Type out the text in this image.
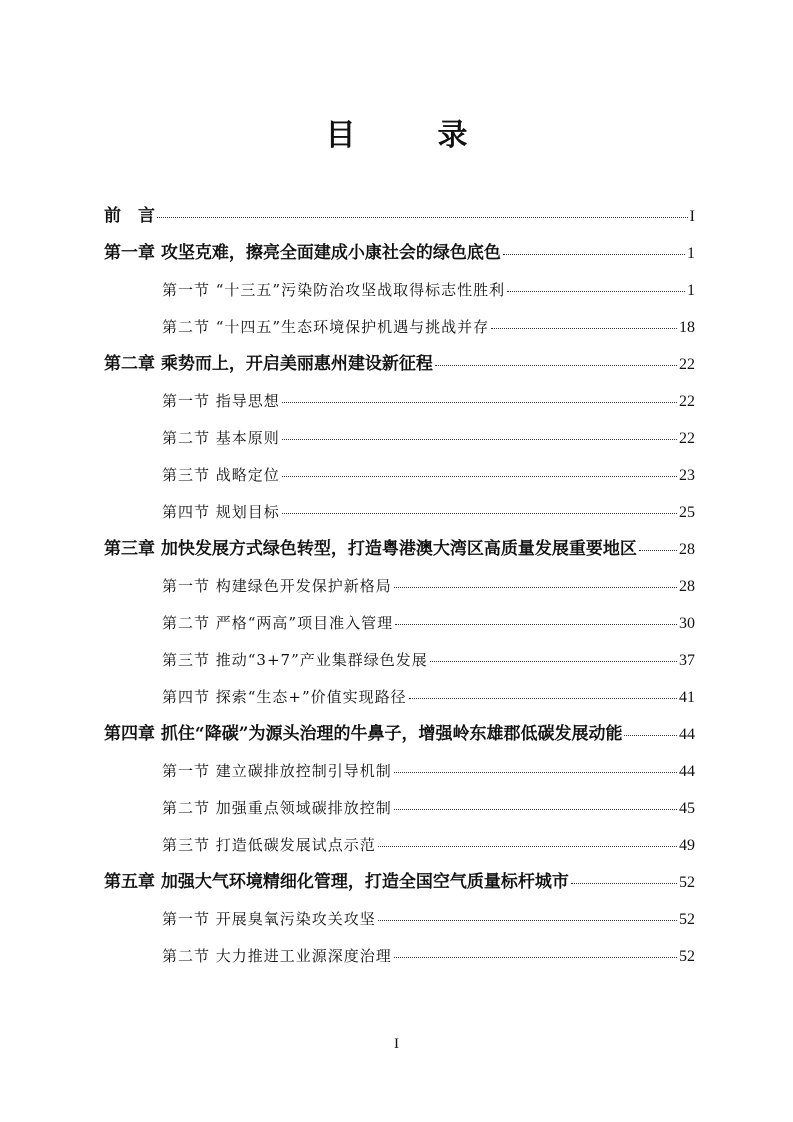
目　录
前　言	I
第一章 攻坚克难，擦亮全面建成小康社会的绿色底色	1
第一节 “十三五”污染防治攻坚战取得标志性胜利	1
第二节 “十四五”生态环境保护机遇与挑战并存	18
第二章 乘势而上，开启美丽惠州建设新征程	22
第一节 指导思想	22
第二节 基本原则	22
第三节 战略定位	23
第四节 规划目标	25
第三章 加快发展方式绿色转型，打造粤港澳大湾区高质量发展重要地区	28
第一节 构建绿色开发保护新格局	28
第二节 严格“两高”项目准入管理	30
第三节 推动“3+7”产业集群绿色发展	37
第四节 探索“生态+”价值实现路径	41
第四章 抓住“降碳”为源头治理的牛鼻子，增强岭东雄郡低碳发展动能	44
第一节 建立碳排放控制引导机制	44
第二节 加强重点领域碳排放控制	45
第三节 打造低碳发展试点示范	49
第五章 加强大气环境精细化管理，打造全国空气质量标杆城市	52
第一节 开展臭氧污染攻关攻坚	52
第二节 大力推进工业源深度治理	52
I
